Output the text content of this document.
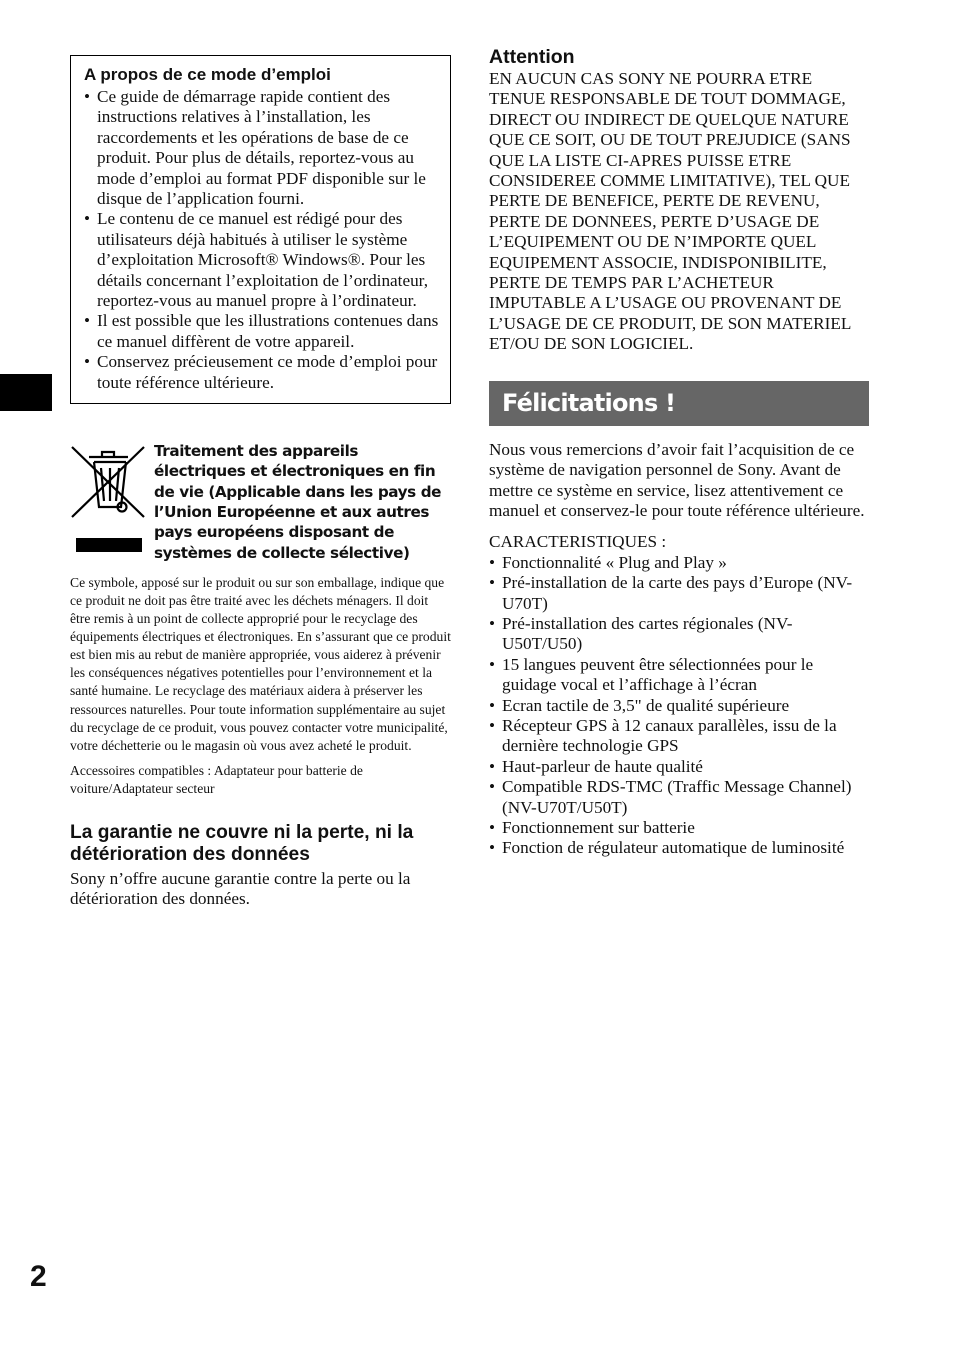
A propos de ce mode d’emploi
• Ce guide de démarrage rapide contient des instructions relatives à l’installation, les raccordements et les opérations de base de ce produit. Pour plus de détails, reportez-vous au mode d’emploi au format PDF disponible sur le disque de l’application fourni.
• Le contenu de ce manuel est rédigé pour des utilisateurs déjà habitués à utiliser le système d’exploitation Microsoft® Windows®. Pour les détails concernant l’exploitation de l’ordinateur, reportez-vous au manuel propre à l’ordinateur.
• Il est possible que les illustrations contenues dans ce manuel diffèrent de votre appareil.
• Conservez précieusement ce mode d’emploi pour toute référence ultérieure.
Traitement des appareils électriques et électroniques en fin de vie (Applicable dans les pays de l’Union Européenne et aux autres pays européens disposant de systèmes de collecte sélective)

Ce symbole, apposé sur le produit ou sur son emballage, indique que ce produit ne doit pas être traité avec les déchets ménagers. Il doit être remis à un point de collecte approprié pour le recyclage des équipements électriques et électroniques. En s’assurant que ce produit est bien mis au rebut de manière appropriée, vous aiderez à prévenir les conséquences négatives potentielles pour l’environnement et la santé humaine. Le recyclage des matériaux aidera à préserver les ressources naturelles. Pour toute information supplémentaire au sujet du recyclage de ce produit, vous pouvez contacter votre municipalité, votre déchetterie ou le magasin où vous avez acheté le produit.

Accessoires compatibles : Adaptateur pour batterie de voiture/Adaptateur secteur

La garantie ne couvre ni la perte, ni la détérioration des données

Sony n’offre aucune garantie contre la perte ou la détérioration des données.

Attention

EN AUCUN CAS SONY NE POURRA ETRE TENUE RESPONSABLE DE TOUT DOMMAGE, DIRECT OU INDIRECT DE QUELQUE NATURE QUE CE SOIT, OU DE TOUT PREJUDICE (SANS QUE LA LISTE CI-APRES PUISSE ETRE CONSIDEREE COMME LIMITATIVE), TEL QUE PERTE DE BENEFICE, PERTE DE REVENU, PERTE DE DONNEES, PERTE D’USAGE DE L’EQUIPEMENT OU DE N’IMPORTE QUEL EQUIPEMENT ASSOCIE, INDISPONIBILITE, PERTE DE TEMPS PAR L’ACHETEUR IMPUTABLE A L’USAGE OU PROVENANT DE L’USAGE DE CE PRODUIT, DE SON MATERIEL ET/OU DE SON LOGICIEL.

Félicitations !

Nous vous remercions d’avoir fait l’acquisition de ce système de navigation personnel de Sony. Avant de mettre ce système en service, lisez attentivement ce manuel et conservez-le pour toute référence ultérieure.

CARACTERISTIQUES :

• Fonctionnalité « Plug and Play »
• Pré-installation de la carte des pays d’Europe (NV-U70T)
• Pré-installation des cartes régionales (NV-U50T/U50)
• 15 langues peuvent être sélectionnées pour le guidage vocal et l’affichage à l’écran
• Ecran tactile de 3,5" de qualité supérieure
• Récepteur GPS à 12 canaux parallèles, issu de la dernière technologie GPS
• Haut-parleur de haute qualité
• Compatible RDS-TMC (Traffic Message Channel) (NV-U70T/U50T)
• Fonctionnement sur batterie
• Fonction de régulateur automatique de luminosité
2
